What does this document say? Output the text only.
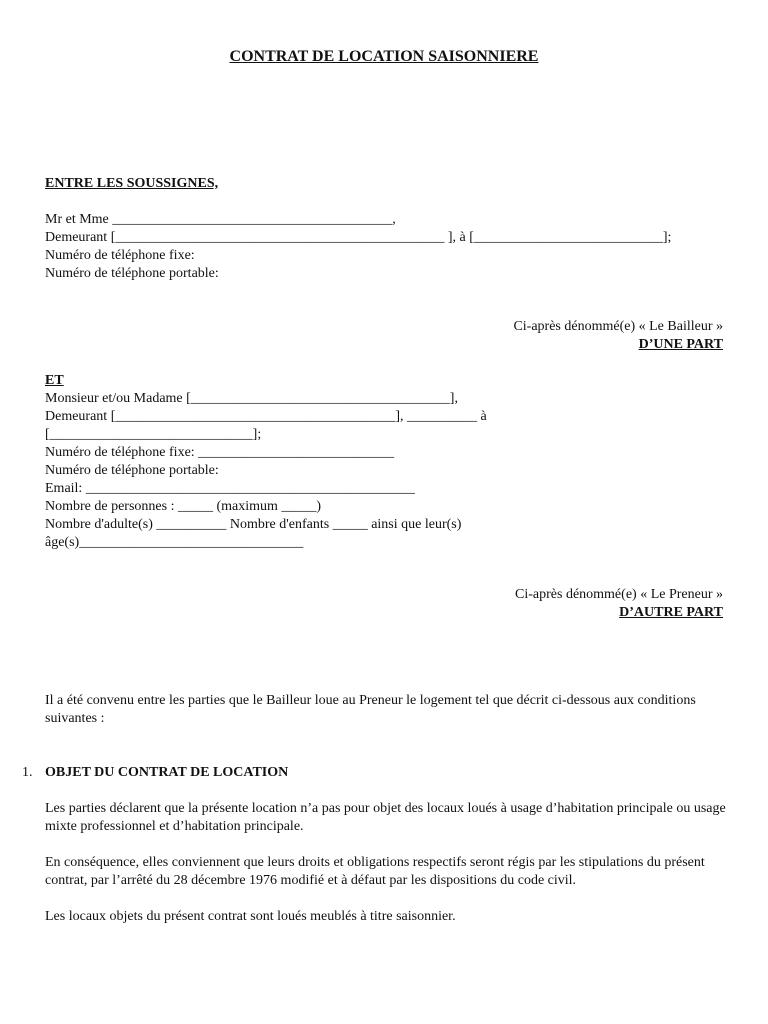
CONTRAT DE LOCATION SAISONNIERE
ENTRE LES SOUSSIGNES,
Mr et Mme ________________________________________,
Demeurant [_______________________________________________ ], à [___________________________];
Numéro de téléphone fixe:
Numéro de téléphone portable:
Ci-après dénommé(e) « Le Bailleur »
D’UNE PART
ET
Monsieur et/ou Madame [_____________________________________],
Demeurant [________________________________________], __________ à
[_____________________________];
Numéro de téléphone fixe: ____________________________
Numéro de téléphone portable:
Email: _______________________________________________
Nombre de personnes : _____ (maximum _____)
Nombre d'adulte(s) __________ Nombre d'enfants _____ ainsi que leur(s)
âge(s)________________________________
Ci-après dénommé(e) « Le Preneur »
D’AUTRE PART
Il a été convenu entre les parties que le Bailleur loue au Preneur le logement tel que décrit ci-dessous aux conditions suivantes :
1. OBJET DU CONTRAT DE LOCATION
Les parties déclarent que la présente location n’a pas pour objet des locaux loués à usage d’habitation principale ou usage mixte professionnel et d’habitation principale.
En conséquence, elles conviennent que leurs droits et obligations respectifs seront régis par les stipulations du présent contrat, par l’arrêté du 28 décembre 1976 modifié et à défaut par les dispositions du code civil.
Les locaux objets du présent contrat sont loués meublés à titre saisonnier.
